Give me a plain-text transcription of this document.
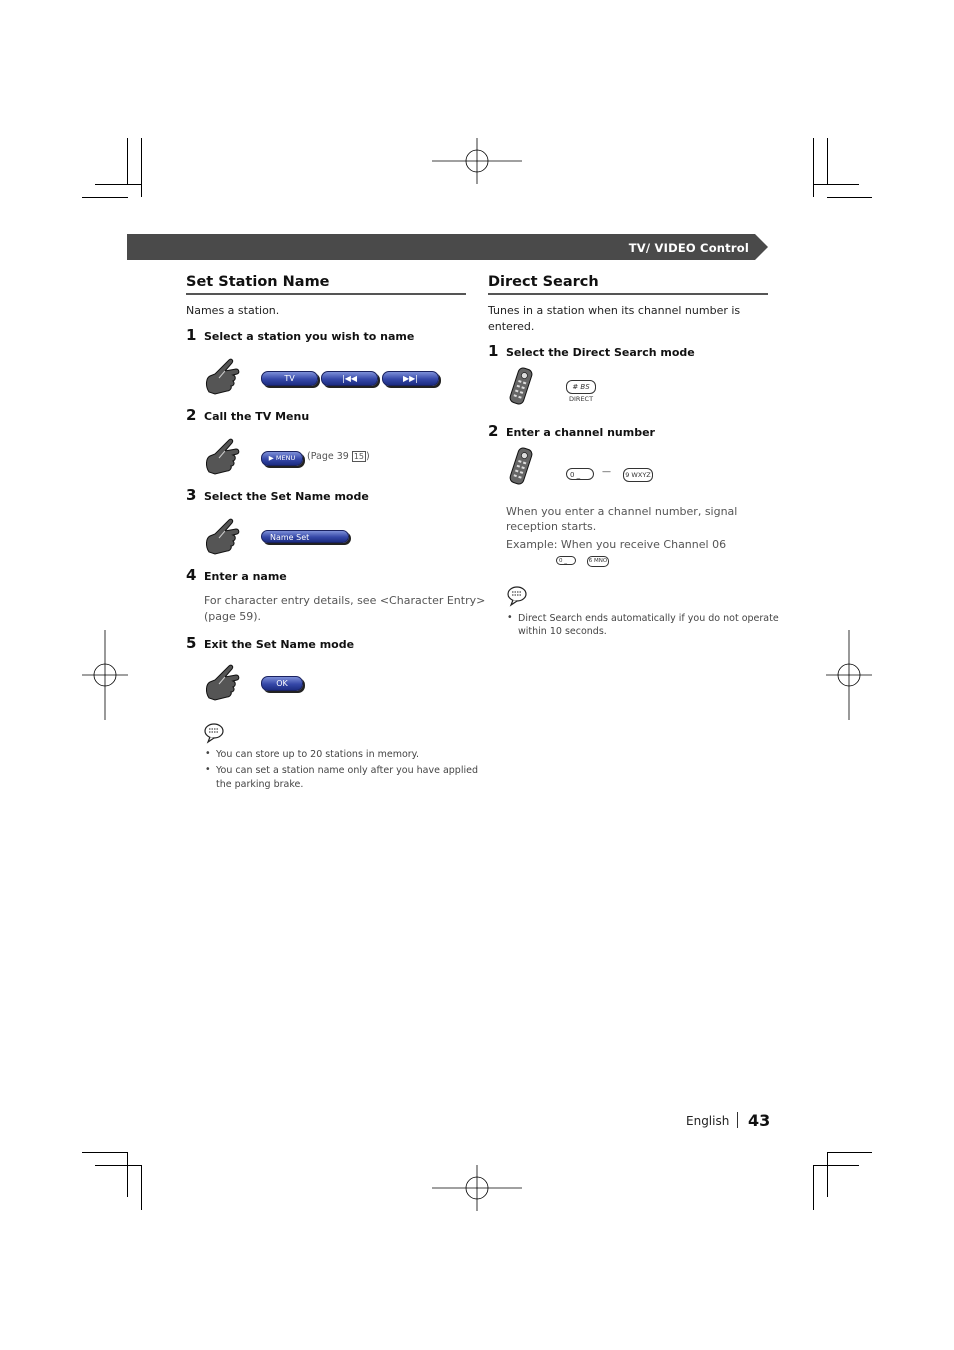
TV/ VIDEO Control
Set Station Name
Names a station.
1 Select a station you wish to name
TV	|◀◀	▶▶|
2 Call the TV Menu
▶ MENU	(Page 39 15 )
3 Select the Set Name mode
Name Set
4 Enter a name
For character entry details, see <Character Entry>
(page 59).
5 Exit the Set Name mode
OK
• You can store up to 20 stations in memory.
• You can set a station name only after you have applied
the parking brake.
Direct Search
Tunes in a station when its channel number is
entered.
1 Select the Direct Search mode
# BS
DIRECT
2 Enter a channel number
0 _	—	9 WXYZ
When you enter a channel number, signal
reception starts.
Example: When you receive Channel 06
0 _	6 MNO
• Direct Search ends automatically if you do not operate
within 10 seconds.
English 43
